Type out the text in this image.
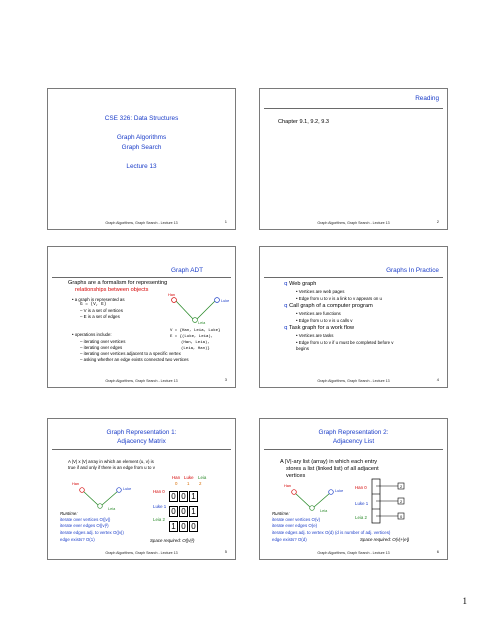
CSE 326: Data Structures
Graph Algorithms
Graph Search
Lecture 13
Graph Algorithms, Graph Search - Lecture 13	1
Reading
Chapter 9.1, 9.2, 9.3
Graph Algorithms, Graph Search - Lecture 13	2
Graph ADT
Graphs are a formalism for representing
relationships between objects
• a graph is represented as
G = (V, E)
– V is a set of vertices
– E is a set of edges
• operations include:
– iterating over vertices
– iterating over edges
– iterating over vertices adjacent to a specific vertex
– asking whether an edge exists connected two vertices
Han
Luke
Leia
V = {Han, Leia, Luke}
E = {(Luke, Leia),
(Han, Leia),
(Leia, Han)}
Graph Algorithms, Graph Search - Lecture 13	3
Graphs In Practice
q Web graph
• Vertices are web pages
• Edge from u to v is a link to v appears on u
q Call graph of a computer program
• Vertices are functions
• Edge from u to v is u calls v
q Task graph for a work flow
• Vertices are tasks
• Edge from u to v if u must be completed before v begins
Graph Algorithms, Graph Search - Lecture 13	4
Graph Representation 1:
Adjacency Matrix
A |V| x |V| array in which an element (u, v) is
true if and only if there is an edge from u to v
Han
Luke
Leia
Han Luke Leia
0 1 2
Han 0
0 0 1
Luke 1
0 0 1
Leia 2
1 0 0
Runtime:
iterate over vertices O(|v|)
iterate ever edges O(|v|²)
iterate edges adj. to vertex O(|v|)
edge exists? O(1)	Space required: O(|v|²)
Graph Algorithms, Graph Search - Lecture 13	5
Graph Representation 2:
Adjacency List
A |V|-ary list (array) in which each entry
stores a list (linked list) of all adjacent
vertices
Han
Luke
Leia
Han 0
Luke 1
Leia 2
2
2
0
Runtime:
iterate over vertices O(v)
iterate ever edges O(e)
iterate edges adj. to vertex O(d) (d is number of adj. vertices)
edge exists? O(d)	Space required: O(v|+|e|)
Graph Algorithms, Graph Search - Lecture 13	6
1
